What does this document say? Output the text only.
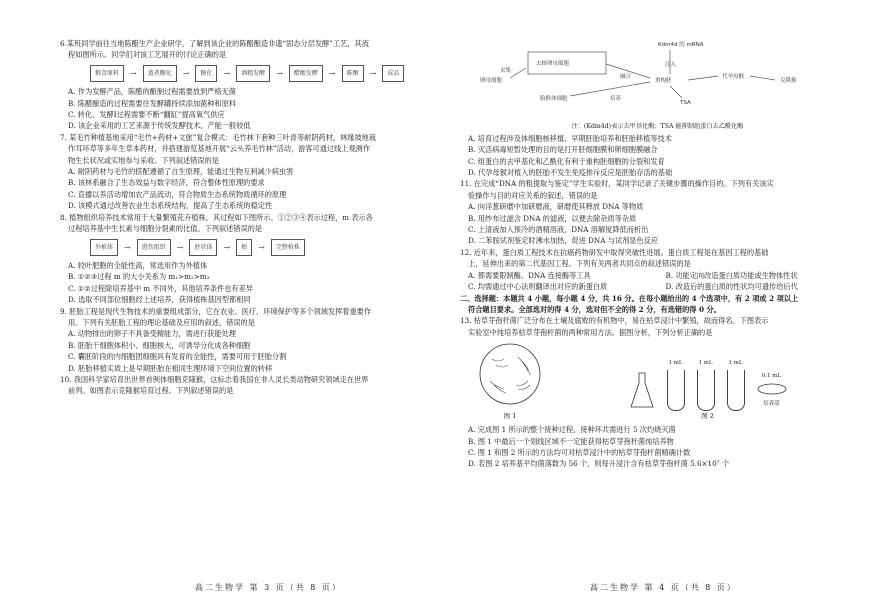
6.某班同学前往当地陈醋生产企业研学，了解到该企业的陈醋酿造非遗“固态分层发酵”工艺，其流

程如图所示。同学们对该工艺展开的讨论正确的是

粮食原料	→	蒸煮糊化	→	糖化	→	酒精发酵	→	醋酸发酵	→	陈酿	→	成品

A. 作为发酵产品，陈醋的酿制过程需要放到严格无菌

B. 陈醋酿造的过程需要往发酵罐持续添加菌种和原料

C. 转化、发酵Ⅰ过程需要不断“翻缸”提高氧气供应

D. 该企业采用的工艺来源于传统发酵技术，产能一般较低

7. 某毛竹种植基地采用“毛竹+药材+文旅”复合模式：毛竹林下套种三叶青等耐阴药材，林缘坡地栽

作耳环草等多年生草本药材，并搭建游览基地开展“云头养毛竹林”活动，游客可通过线上观测作

物生长状况或实地参与采收。下列叙述错误的是

A. 耐阴药材与毛竹的搭配遵循了自生原理，能通过生物互利减少病虫害

B. 该林系融合了生态效益与数字经济，符合整体性原理的要求

C. 直播以养活动增加农产品流动，符合物质生态系统物质循环的原理

D. 该模式通过改善农业生态系统结构，提高了生态系统的稳定性

8. 植物组织培养技术常用于大量繁殖花卉植株，其过程如下图所示。①②③④表示过程，m 表示各

过程培养基中生长素与细胞分裂素的比值。下列叙述错误的是

外植体	→	愈伤组织	→	胚状体	→	根	→	完整植株

A. 较叶肥胞的全能性高，常选用作为外植体

B. ①②③过程 m 的大小关系为 m₁>m₂>m₃

C. ①②过程除培养基中 m 不同外，其他培养条件也有差异

D. 选取不同部位细胞经上述培养，获得植株基因型都相同

9. 胚胎工程是现代生物技术的重要组成部分，它在农业、医疗、环境保护等多个领域发挥着重要作

用。下列有关胚胎工程的理论基础及应用的叙述，错误的是

A. 动物排出的卵子不具备受精能力，需进行获能处理

B. 胚胎干细胞体积小、细胞核大，可诱导分化成各种细胞

C. 囊胚阶段的内细胞团细胞具有发育的全能性，需要可用于胚胎分割

D. 胚胎移植实质上是早期胚胎在相同生理环境下空间位置的转移

10. 我国科学家培育出世界首例体细胞克隆猴，这标志着我国在非人灵长类动物研究领域走在世界

前列。如图表示克隆猴培育过程。下列叙述错误的是

高二生物学 第 3 页（共 8 页）
Kdm4d 的 mRNA
注入
去核卵母细胞
融合
重构胚
TSA
代孕母猴
克隆猴
卵母细胞
采集
胎猴体细胞	培养

注：(Kdm4d)表示去甲基化酶；TSA 能抑制组蛋白去乙酰化酶

A. 培育过程涉及体细胞核移植、早期胚胎培养和胚胎移植等技术

B. 灭活病毒短暂处理的目的是打开胚细胞膜和卵细胞膜融合

C. 组蛋白的去甲基化和乙酰化有利于重构胚细胞的分裂和发育

D. 代孕母猴对植入的胚胎不发生免疫排斥反应是胚胎存活的基础

11. 在完成“DNA 的粗提取与鉴定”学生实验时，某同学记录了关键步骤的操作目的。下列有关该实

验操作与目的对应关系的叙述，错误的是

A. 向洋葱研磨中加研磨液，研磨使其释放 DNA 等物质

B. 用纱布过滤含 DNA 的滤液，以便去除杂质等杂质

C. 上清液加入预冷的酒精溶液，DNA 溶解度降低而析出

D. 二苯胺试剂鉴定时沸水加热，促进 DNA 与试剂显色反应

12. 近年来，蛋白质工程技术在抗癌药物研发中取得突破性进展。蛋白质工程是在基因工程的基础

上，延伸出来的第二代基因工程。下列有关两者共同点的叙述错误的是

A. 都需要限制酶、DNA 连接酶等工具	B. 功能定向改造蛋白质功能或生物体性状

C. 均需通过中心法则翻译出对应的新蛋白质	D. 改造后的蛋白质的性状均可遗传给后代

二、选择题：本题共 4 小题，每小题 4 分，共 16 分。在每小题给出的 4 个选项中，有 2 项或 2 项以上

符合题目要求。全部选对的得 4 分，选对但不全的得 2 分，有选错的得 0 分。

13. 枯草芽孢杆菌广泛分布在土壤及腐败的有机物中，易在枯草浸汁中繁殖，故而得名。下图表示

实验室中纯培养枯草芽孢杆菌的两种常用方法。据图分析，下列分析正确的是

图 1
1 mL	1 mL	1 mL
0.1 mL
培养基
图 2

A. 完成图 1 所示的整个接种过程，接种环共需进行 5 次灼烧灭菌

B. 图 1 中最后一个划线区域不一定能获得枯草芽孢杆菌纯培养物

C. 图 1 和图 2 所示的方法均可对枯草浸汁中的枯草芽孢杆菌精确计数

D. 若图 2 培养基平均菌落数为 56 个，则每升浸汁含有枯草芽孢杆菌 5.6×10⁷ 个

高二生物学 第 4 页（共 8 页）
